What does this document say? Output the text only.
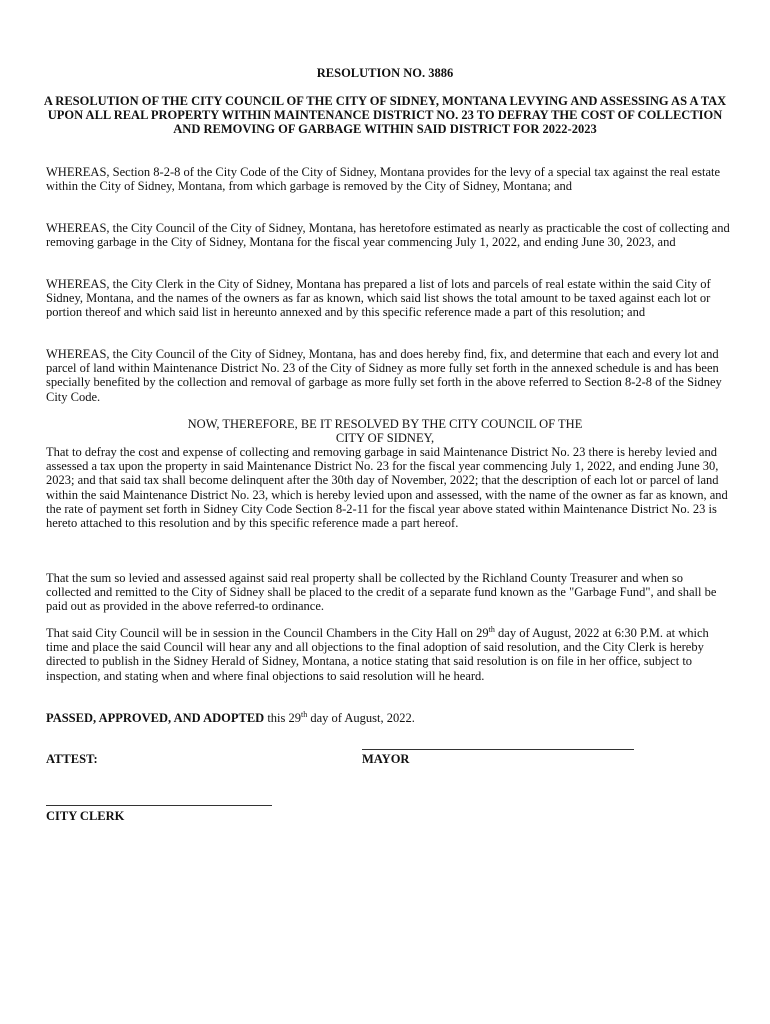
RESOLUTION NO. 3886
A RESOLUTION OF THE CITY COUNCIL OF THE CITY OF SIDNEY, MONTANA LEVYING AND ASSESSING AS A TAX UPON ALL REAL PROPERTY WITHIN MAINTENANCE DISTRICT NO. 23 TO DEFRAY THE COST OF COLLECTION AND REMOVING OF GARBAGE WITHIN SAID DISTRICT FOR 2022-2023
WHEREAS, Section 8-2-8 of the City Code of the City of Sidney, Montana provides for the levy of a special tax against the real estate within the City of Sidney, Montana, from which garbage is removed by the City of Sidney, Montana; and
WHEREAS, the City Council of the City of Sidney, Montana, has heretofore estimated as nearly as practicable the cost of collecting and removing garbage in the City of Sidney, Montana for the fiscal year commencing July 1, 2022, and ending June 30, 2023, and
WHEREAS, the City Clerk in the City of Sidney, Montana has prepared a list of lots and parcels of real estate within the said City of Sidney, Montana, and the names of the owners as far as known, which said list shows the total amount to be taxed against each lot or portion thereof and which said list in hereunto annexed and by this specific reference made a part of this resolution; and
WHEREAS, the City Council of the City of Sidney, Montana, has and does hereby find, fix, and determine that each and every lot and parcel of land within Maintenance District No. 23 of the City of Sidney as more fully set forth in the annexed schedule is and has been specially benefited by the collection and removal of garbage as more fully set forth in the above referred to Section 8-2-8 of the Sidney City Code.
NOW, THEREFORE, BE IT RESOLVED BY THE CITY COUNCIL OF THE
CITY OF SIDNEY,
That to defray the cost and expense of collecting and removing garbage in said Maintenance District No. 23 there is hereby levied and assessed a tax upon the property in said Maintenance District No. 23 for the fiscal year commencing July 1, 2022, and ending June 30, 2023; and that said tax shall become delinquent after the 30th day of November, 2022; that the description of each lot or parcel of land within the said Maintenance District No. 23, which is hereby levied upon and assessed, with the name of the owner as far as known, and the rate of payment set forth in Sidney City Code Section 8-2-11 for the fiscal year above stated within Maintenance District No. 23 is hereto attached to this resolution and by this specific reference made a part hereof.
That the sum so levied and assessed against said real property shall be collected by the Richland County Treasurer and when so collected and remitted to the City of Sidney shall be placed to the credit of a separate fund known as the "Garbage Fund", and shall be paid out as provided in the above referred-to ordinance.
That said City Council will be in session in the Council Chambers in the City Hall on 29th day of August, 2022 at 6:30 P.M. at which time and place the said Council will hear any and all objections to the final adoption of said resolution, and the City Clerk is hereby directed to publish in the Sidney Herald of Sidney, Montana, a notice stating that said resolution is on file in her office, subject to inspection, and stating when and where final objections to said resolution will he heard.
PASSED, APPROVED, AND ADOPTED this 29th day of August, 2022.
ATTEST:	MAYOR
CITY CLERK
